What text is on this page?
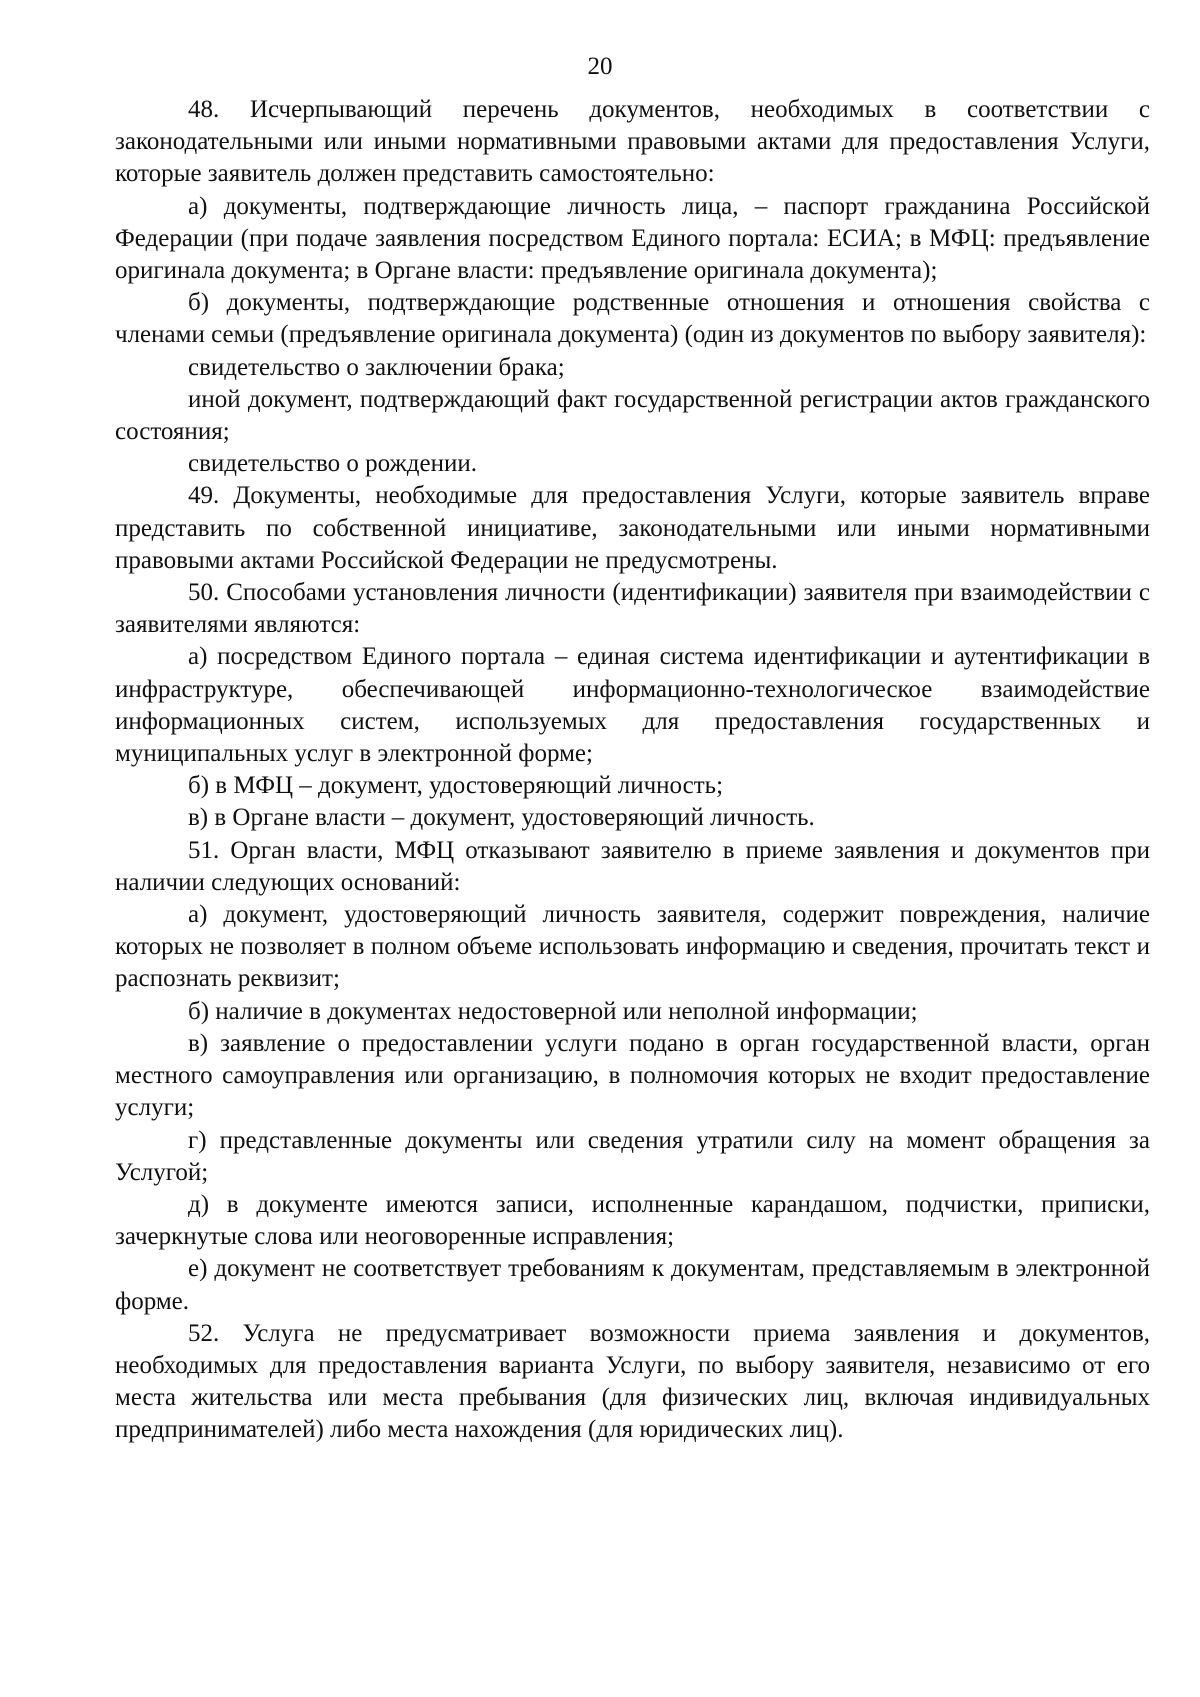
20

48. Исчерпывающий перечень документов, необходимых в соответствии с законодательными или иными нормативными правовыми актами для предоставления Услуги, которые заявитель должен представить самостоятельно:

а) документы, подтверждающие личность лица, – паспорт гражданина Российской Федерации (при подаче заявления посредством Единого портала: ЕСИА; в МФЦ: предъявление оригинала документа; в Органе власти: предъявление оригинала документа);

б) документы, подтверждающие родственные отношения и отношения свойства с членами семьи (предъявление оригинала документа) (один из документов по выбору заявителя):

свидетельство о заключении брака;

иной документ, подтверждающий факт государственной регистрации актов гражданского состояния;

свидетельство о рождении.

49. Документы, необходимые для предоставления Услуги, которые заявитель вправе представить по собственной инициативе, законодательными или иными нормативными правовыми актами Российской Федерации не предусмотрены.

50. Способами установления личности (идентификации) заявителя при взаимодействии с заявителями являются:

а) посредством Единого портала – единая система идентификации и аутентификации в инфраструктуре, обеспечивающей информационно-технологическое взаимодействие информационных систем, используемых для предоставления государственных и муниципальных услуг в электронной форме;

б) в МФЦ – документ, удостоверяющий личность;

в) в Органе власти – документ, удостоверяющий личность.

51. Орган власти, МФЦ отказывают заявителю в приеме заявления и документов при наличии следующих оснований:

а) документ, удостоверяющий личность заявителя, содержит повреждения, наличие которых не позволяет в полном объеме использовать информацию и сведения, прочитать текст и распознать реквизит;

б) наличие в документах недостоверной или неполной информации;

в) заявление о предоставлении услуги подано в орган государственной власти, орган местного самоуправления или организацию, в полномочия которых не входит предоставление услуги;

г) представленные документы или сведения утратили силу на момент обращения за Услугой;

д) в документе имеются записи, исполненные карандашом, подчистки, приписки, зачеркнутые слова или неоговоренные исправления;

е) документ не соответствует требованиям к документам, представляемым в электронной форме.

52. Услуга не предусматривает возможности приема заявления и документов, необходимых для предоставления варианта Услуги, по выбору заявителя, независимо от его места жительства или места пребывания (для физических лиц, включая индивидуальных предпринимателей) либо места нахождения (для юридических лиц).
